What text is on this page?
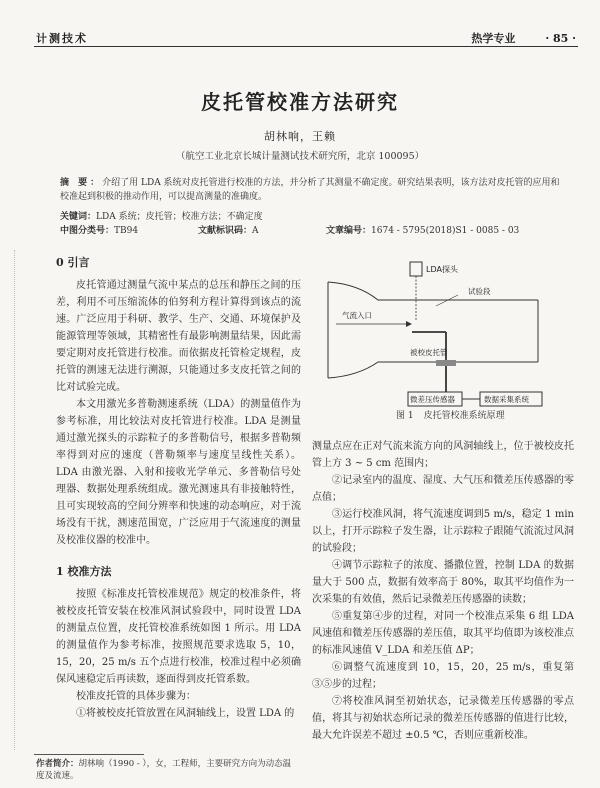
计测技术	热学专业	· 85 ·
皮托管校准方法研究
胡林响，王赖
（航空工业北京长城计量测试技术研究所，北京 100095）
摘 要：介绍了用 LDA 系统对皮托管进行校准的方法，并分析了其测量不确定度。研究结果表明，该方法对皮托管的应用和校准起到积极的推动作用，可以提高测量的准确度。
关键词：LDA 系统；皮托管；校准方法；不确定度
中图分类号：TB94	文献标识码：A	文章编号：1674 - 5795(2018)S1 - 0085 - 03
0 引言

皮托管通过测量气流中某点的总压和静压之间的压差，利用不可压缩流体的伯努利方程计算得到该点的流速。广泛应用于科研、教学、生产、交通、环境保护及能源管理等领域，其精密性有最影响测量结果，因此需要定期对皮托管进行校准。而依据皮托管检定规程，皮托管的测速无法进行溯源，只能通过多支皮托管之间的比对试验完成。

本文用激光多普勒测速系统（LDA）的测量值作为参考标准，用比较法对皮托管进行校准。LDA 是测量通过激光探头的示踪粒子的多普勒信号，根据多普勒频率得到对应的速度（普勒频率与速度呈线性关系）。LDA 由激光器、入射和接收光学单元、多普勒信号处理器、数据处理系统组成。激光测速具有非接触特性，且可实现较高的空间分辨率和快速的动态响应，对于流场没有干扰，测速范围宽，广泛应用于气流速度的测量及校准仪器的校准中。

1 校准方法

按照《标准皮托管校准规范》规定的校准条件，将被校皮托管安装在校准风洞试验段中，同时设置 LDA 的测量点位置，皮托管校准系统如图 1 所示。用 LDA 的测量值作为参考标准，按照规范要求选取 5，10，15，20，25 m/s 五个点进行校准，校准过程中必须确保风速稳定后再读数，逐面得到皮托管系数。

校准皮托管的具体步骤为：

①将被校皮托管放置在风洞轴线上，设置 LDA 的

LDA探头
试验段
气流入口
被校皮托管
微差压传感器	数据采集系统
图 1 皮托管校准系统原理

测量点应在正对气流来流方向的风洞轴线上，位于被校皮托管上方 3 ~ 5 cm 范围内；

②记录室内的温度、湿度、大气压和微差压传感器的零点值；

③运行校准风洞，将气流速度调到5 m/s，稳定 1 min以上，打开示踪粒子发生器，让示踪粒子跟随气流流过风洞的试验段；

④调节示踪粒子的浓度、播撒位置，控制 LDA 的数据量大于 500 点，数据有效率高于 80%，取其平均值作为一次采集的有效值，然后记录微差压传感器的读数；

⑤重复第④步的过程，对同一个校准点采集 6 组 LDA 风速值和微差压传感器的差压值，取其平均值即为该校准点的标准风速值 V_LDA 和差压值 ΔP；

⑥调整气流速度到 10，15，20，25 m/s，重复第③⑤步的过程；

⑦将校准风洞至初始状态，记录微差压传感器的零点值，将其与初始状态所记录的微差压传感器的值进行比较，最大允许误差不超过 ±0.5 ℃，否则应重新校准。

作者简介：胡林响（1990 - ），女，工程师，主要研究方向为动态温度及流速。
